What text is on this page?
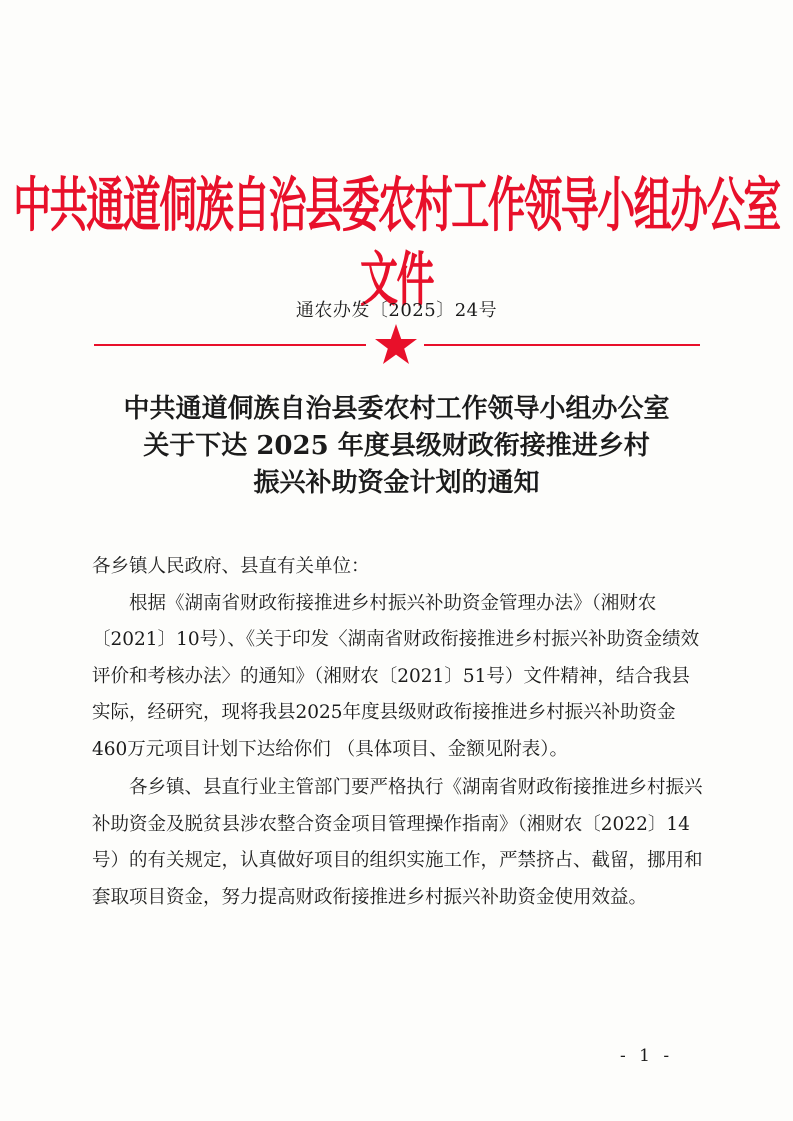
中共通道侗族自治县委农村工作领导小组办公室文件
通农办发〔2025〕24号
中共通道侗族自治县委农村工作领导小组办公室
关于下达 2025 年度县级财政衔接推进乡村
振兴补助资金计划的通知

各乡镇人民政府、县直有关单位：

根据《湖南省财政衔接推进乡村振兴补助资金管理办法》（湘财农〔2021〕10号）、《关于印发〈湖南省财政衔接推进乡村振兴补助资金绩效评价和考核办法〉的通知》（湘财农〔2021〕51号）文件精神，结合我县实际，经研究，现将我县2025年度县级财政衔接推进乡村振兴补助资金460万元项目计划下达给你们 （具体项目、金额见附表）。

各乡镇、县直行业主管部门要严格执行《湖南省财政衔接推进乡村振兴补助资金及脱贫县涉农整合资金项目管理操作指南》（湘财农〔2022〕14号）的有关规定，认真做好项目的组织实施工作，严禁挤占、截留，挪用和套取项目资金，努力提高财政衔接推进乡村振兴补助资金使用效益。

- 1 -
